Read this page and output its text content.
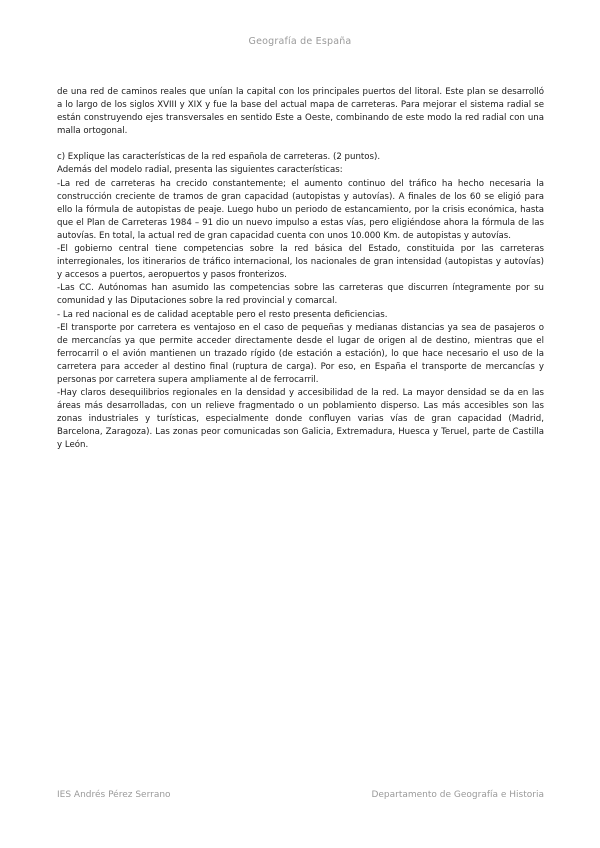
Geografía de España

de una red de caminos reales que unían la capital con los principales puertos del litoral. Este plan se desarrolló a lo largo de los siglos XVIII y XIX y fue la base del actual mapa de carreteras. Para mejorar el sistema radial se están construyendo ejes transversales en sentido Este a Oeste, combinando de este modo la red radial con una malla ortogonal.

c) Explique las características de la red española de carreteras. (2 puntos).

Además del modelo radial, presenta las siguientes características:

-La red de carreteras ha crecido constantemente; el aumento continuo del tráfico ha hecho necesaria la construcción creciente de tramos de gran capacidad (autopistas y autovías). A finales de los 60 se eligió para ello la fórmula de autopistas de peaje. Luego hubo un periodo de estancamiento, por la crisis económica, hasta que el Plan de Carreteras 1984 – 91 dio un nuevo impulso a estas vías, pero eligiéndose ahora la fórmula de las autovías. En total, la actual red de gran capacidad cuenta con unos 10.000 Km. de autopistas y autovías.

-El gobierno central tiene competencias sobre la red básica del Estado, constituida por las carreteras interregionales, los itinerarios de tráfico internacional, los nacionales de gran intensidad (autopistas y autovías) y accesos a puertos, aeropuertos y pasos fronterizos.

-Las CC. Autónomas han asumido las competencias sobre las carreteras que discurren íntegramente por su comunidad y las Diputaciones sobre la red provincial y comarcal.

- La red nacional es de calidad aceptable pero el resto presenta deficiencias.

-El transporte por carretera es ventajoso en el caso de pequeñas y medianas distancias ya sea de pasajeros o de mercancías ya que permite acceder directamente desde el lugar de origen al de destino, mientras que el ferrocarril o el avión mantienen un trazado rígido (de estación a estación), lo que hace necesario el uso de la carretera para acceder al destino final (ruptura de carga). Por eso, en España el transporte de mercancías y personas por carretera supera ampliamente al de ferrocarril.

-Hay claros desequilibrios regionales en la densidad y accesibilidad de la red. La mayor densidad se da en las áreas más desarrolladas, con un relieve fragmentado o un poblamiento disperso. Las más accesibles son las zonas industriales y turísticas, especialmente donde confluyen varias vías de gran capacidad (Madrid, Barcelona, Zaragoza). Las zonas peor comunicadas son Galicia, Extremadura, Huesca y Teruel, parte de Castilla y León.

IES Andrés Pérez Serrano	Departamento de Geografía e Historia
